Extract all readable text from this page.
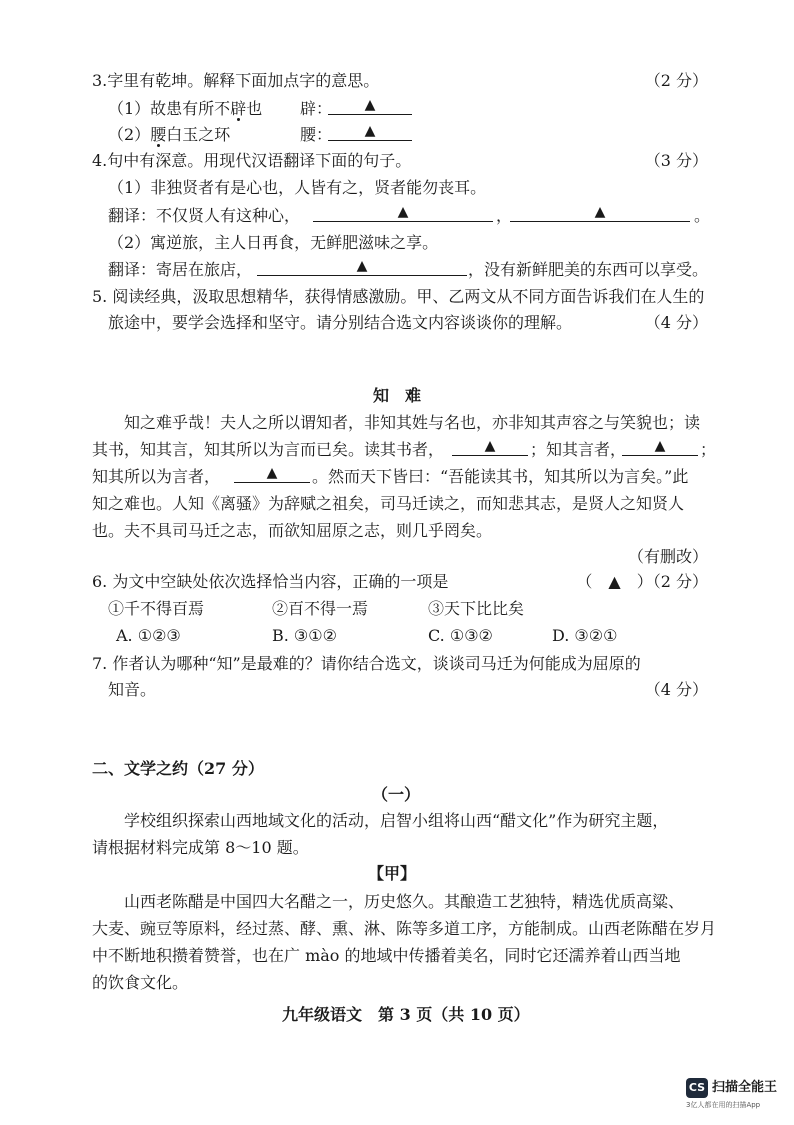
3.字里有乾坤。解释下面加点字的意思。	（2 分）
（1）故患有所不辟也 辟：	▲
（2）腰白玉之环	腰：	▲
4.句中有深意。用现代汉语翻译下面的句子。	（3 分）
（1）非独贤者有是心也，人皆有之，贤者能勿丧耳。
翻译：不仅贤人有这种心，	▲	，	▲	。
（2）寓逆旅，主人日再食，无鲜肥滋味之享。
翻译：寄居在旅店，	▲	，没有新鲜肥美的东西可以享受。
5. 阅读经典，汲取思想精华，获得情感激励。甲、乙两文从不同方面告诉我们在人生的
旅途中，要学会选择和坚守。请分别结合选文内容谈谈你的理解。	（4 分）
知　难
知之难乎哉！夫人之所以谓知者，非知其姓与名也，亦非知其声容之与笑貌也；读
其书，知其言，知其所以为言而已矣。读其书者，	▲	；知其言者，	▲	；
知其所以为言者，	▲	。然而天下皆曰：“吾能读其书，知其所以为言矣。”此
知之难也。人知《离骚》为辞赋之祖矣，司马迁读之，而知悲其志，是贤人之知贤人
也。夫不具司马迁之志，而欲知屈原之志，则几乎罔矣。
（有删改）
6. 为文中空缺处依次选择恰当内容，正确的一项是	（　▲　）（2 分）
①千不得百焉	②百不得一焉	③天下比比矣
A. ①②③	B. ③①②	C. ①③②	D. ③②①
7. 作者认为哪种“知”是最难的？请你结合选文，谈谈司马迁为何能成为屈原的
知音。	（4 分）
二、文学之约（27 分）
（一）
学校组织探索山西地域文化的活动，启智小组将山西“醋文化”作为研究主题，
请根据材料完成第 8～10 题。
【甲】
山西老陈醋是中国四大名醋之一，历史悠久。其酿造工艺独特，精选优质高粱、
大麦、豌豆等原料，经过蒸、酵、熏、淋、陈等多道工序，方能制成。山西老陈醋在岁月
中不断地积攒着赞誉，也在广 mào 的地域中传播着美名，同时它还濡养着山西当地
的饮食文化。
九年级语文　第 3 页（共 10 页）
CS 扫描全能王
3亿人都在用的扫描App
